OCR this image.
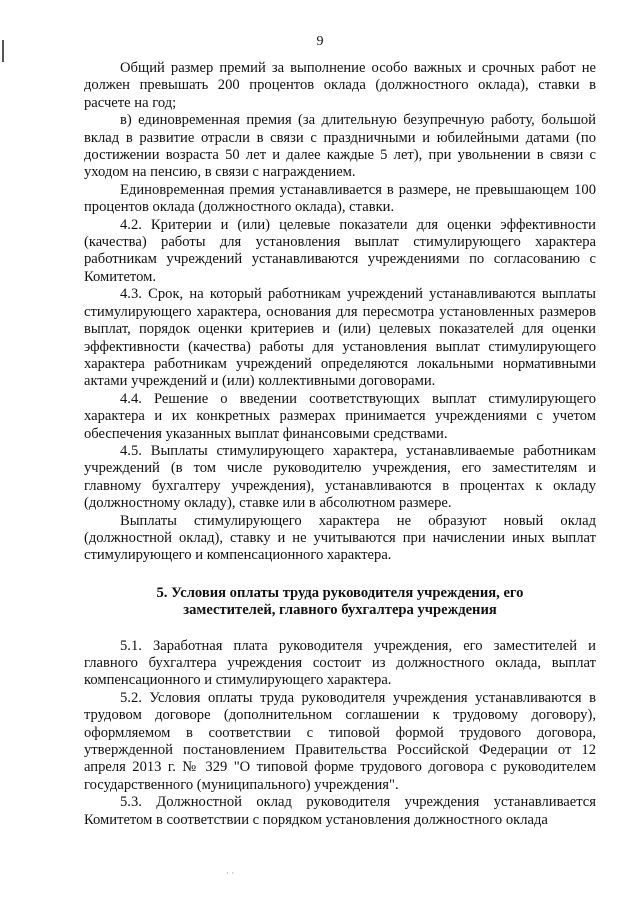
9

Общий размер премий за выполнение особо важных и срочных работ не должен превышать 200 процентов оклада (должностного оклада), ставки в расчете на год;

в) единовременная премия (за длительную безупречную работу, большой вклад в развитие отрасли в связи с праздничными и юбилейными датами (по достижении возраста 50 лет и далее каждые 5 лет), при увольнении в связи с уходом на пенсию, в связи с награждением.

Единовременная премия устанавливается в размере, не превышающем 100 процентов оклада (должностного оклада), ставки.

4.2. Критерии и (или) целевые показатели для оценки эффективности (качества) работы для установления выплат стимулирующего характера работникам учреждений устанавливаются учреждениями по согласованию с Комитетом.

4.3. Срок, на который работникам учреждений устанавливаются выплаты стимулирующего характера, основания для пересмотра установленных размеров выплат, порядок оценки критериев и (или) целевых показателей для оценки эффективности (качества) работы для установления выплат стимулирующего характера работникам учреждений определяются локальными нормативными актами учреждений и (или) коллективными договорами.

4.4. Решение о введении соответствующих выплат стимулирующего характера и их конкретных размерах принимается учреждениями с учетом обеспечения указанных выплат финансовыми средствами.

4.5. Выплаты стимулирующего характера, устанавливаемые работникам учреждений (в том числе руководителю учреждения, его заместителям и главному бухгалтеру учреждения), устанавливаются в процентах к окладу (должностному окладу), ставке или в абсолютном размере.

Выплаты стимулирующего характера не образуют новый оклад (должностной оклад), ставку и не учитываются при начислении иных выплат стимулирующего и компенсационного характера.

5. Условия оплаты труда руководителя учреждения, его
заместителей, главного бухгалтера учреждения

5.1. Заработная плата руководителя учреждения, его заместителей и главного бухгалтера учреждения состоит из должностного оклада, выплат компенсационного и стимулирующего характера.

5.2. Условия оплаты труда руководителя учреждения устанавливаются в трудовом договоре (дополнительном соглашении к трудовому договору), оформляемом в соответствии с типовой формой трудового договора, утвержденной постановлением Правительства Российской Федерации от 12 апреля 2013 г. № 329 "О типовой форме трудового договора с руководителем государственного (муниципального) учреждения".

5.3. Должностной оклад руководителя учреждения устанавливается Комитетом в соответствии с порядком установления должностного оклада

· ·
